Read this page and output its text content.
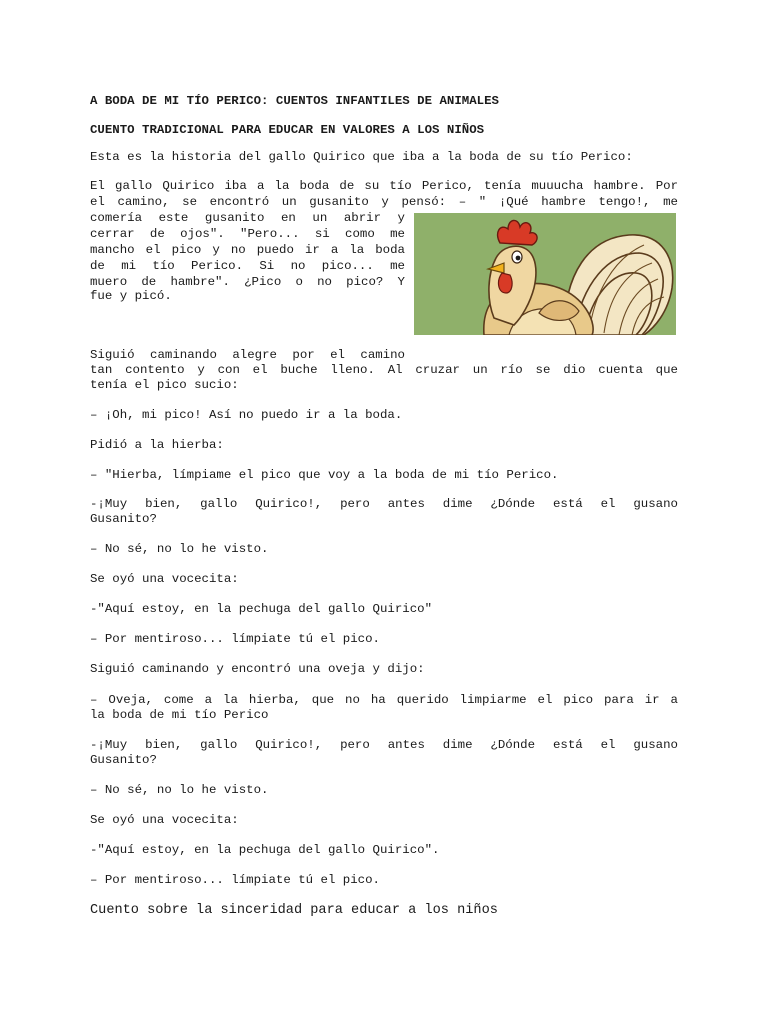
A BODA DE MI TÍO PERICO: CUENTOS INFANTILES DE ANIMALES
CUENTO TRADICIONAL PARA EDUCAR EN VALORES A LOS NIÑOS
Esta es la historia del gallo Quirico que iba a la boda de su tío Perico:
El gallo Quirico iba a la boda de su tío Perico, tenía muuucha hambre. Por
el camino, se encontró un gusanito y pensó: – " ¡Qué hambre tengo!, me
comería este gusanito en un abrir y
cerrar de ojos". "Pero... si como me
mancho el pico y no puedo ir a la boda
de mi tío Perico. Si no pico... me
muero de hambre". ¿Pico o no pico? Y
fue y picó.
Siguió caminando alegre por el camino
tan contento y con el buche lleno. Al cruzar un río se dio cuenta que
tenía el pico sucio:
– ¡Oh, mi pico! Así no puedo ir a la boda.
Pidió a la hierba:
– "Hierba, límpiame el pico que voy a la boda de mi tío Perico.
-¡Muy bien, gallo Quirico!, pero antes dime ¿Dónde está el gusano
Gusanito?
– No sé, no lo he visto.
Se oyó una vocecita:
-"Aquí estoy, en la pechuga del gallo Quirico"
– Por mentiroso... límpiate tú el pico.
Siguió caminando y encontró una oveja y dijo:
– Oveja, come a la hierba, que no ha querido limpiarme el pico para ir a
la boda de mi tío Perico
-¡Muy bien, gallo Quirico!, pero antes dime ¿Dónde está el gusano
Gusanito?
– No sé, no lo he visto.
Se oyó una vocecita:
-"Aquí estoy, en la pechuga del gallo Quirico".
– Por mentiroso... límpiate tú el pico.
Cuento sobre la sinceridad para educar a los niños
